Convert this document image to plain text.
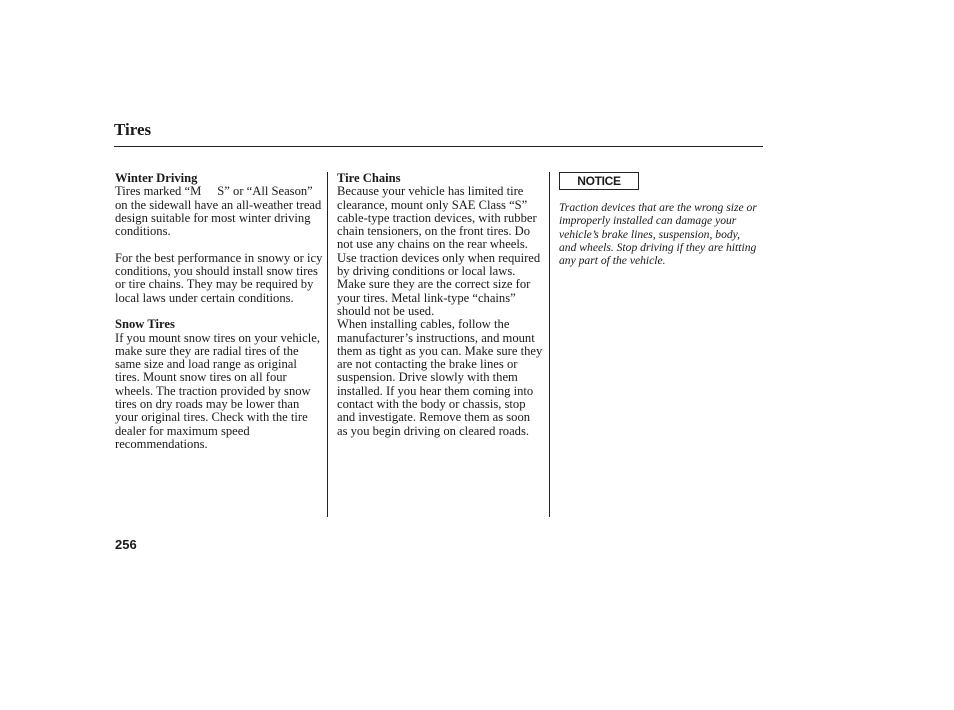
Tires
Winter Driving
Tires marked “M S” or “All Season” on the sidewall have an all-weather tread design suitable for most winter driving conditions.
For the best performance in snowy or icy conditions, you should install snow tires or tire chains. They may be required by local laws under certain conditions.
Snow Tires
If you mount snow tires on your vehicle, make sure they are radial tires of the same size and load range as original tires. Mount snow tires on all four wheels. The traction provided by snow tires on dry roads may be lower than your original tires. Check with the tire dealer for maximum speed recommendations.
Tire Chains
Because your vehicle has limited tire clearance, mount only SAE Class “S” cable-type traction devices, with rubber chain tensioners, on the front tires. Do not use any chains on the rear wheels. Use traction devices only when required by driving conditions or local laws. Make sure they are the correct size for your tires. Metal link-type “chains” should not be used.
When installing cables, follow the manufacturer’s instructions, and mount them as tight as you can. Make sure they are not contacting the brake lines or suspension. Drive slowly with them installed. If you hear them coming into contact with the body or chassis, stop and investigate. Remove them as soon as you begin driving on cleared roads.
NOTICE
Traction devices that are the wrong size or improperly installed can damage your vehicle’s brake lines, suspension, body, and wheels. Stop driving if they are hitting any part of the vehicle.
256
